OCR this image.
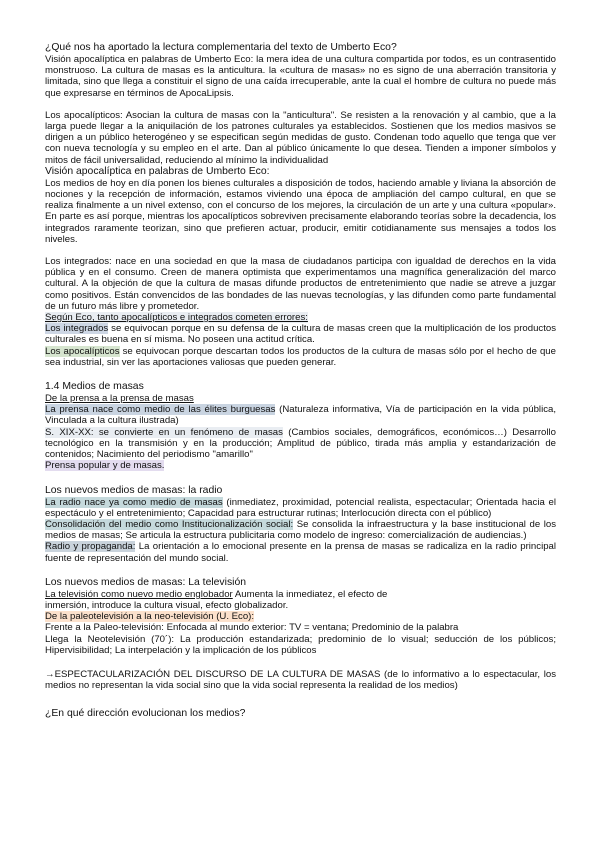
¿Qué nos ha aportado la lectura complementaria del texto de Umberto Eco?

Visión apocalíptica en palabras de Umberto Eco: la mera idea de una cultura compartida por todos, es un contrasentido monstruoso. La cultura de masas es la anticultura. la «cultura de masas» no es signo de una aberración transitoria y limitada, sino que llega a constituir el signo de una caída irrecuperable, ante la cual el hombre de cultura no puede más que expresarse en términos de ApocaLipsis.

Los apocalípticos: Asocian la cultura de masas con la "anticultura". Se resisten a la renovación y al cambio, que a la larga puede llegar a la aniquilación de los patrones culturales ya establecidos. Sostienen que los medios masivos se dirigen a un público heterogéneo y se especifican según medidas de gusto. Condenan todo aquello que tenga que ver con nueva tecnología y su empleo en el arte. Dan al público únicamente lo que desea. Tienden a imponer símbolos y mitos de fácil universalidad, reduciendo al mínimo la individualidad

Visión apocalíptica en palabras de Umberto Eco:

Los medios de hoy en día ponen los bienes culturales a disposición de todos, haciendo amable y liviana la absorción de nociones y la recepción de información, estamos viviendo una época de ampliación del campo cultural, en que se realiza finalmente a un nivel extenso, con el concurso de los mejores, la circulación de un arte y una cultura «popular». En parte es así porque, mientras los apocalípticos sobreviven precisamente elaborando teorías sobre la decadencia, los integrados raramente teorizan, sino que prefieren actuar, producir, emitir cotidianamente sus mensajes a todos los niveles.

Los integrados: nace en una sociedad en que la masa de ciudadanos participa con igualdad de derechos en la vida pública y en el consumo. Creen de manera optimista que experimentamos una magnífica generalización del marco cultural. A la objeción de que la cultura de masas difunde productos de entretenimiento que nadie se atreve a juzgar como positivos. Están convencidos de las bondades de las nuevas tecnologías, y las difunden como parte fundamental de un futuro más libre y prometedor.

Según Eco, tanto apocalípticos e integrados cometen errores:

Los integrados se equivocan porque en su defensa de la cultura de masas creen que la multiplicación de los productos culturales es buena en sí misma. No poseen una actitud crítica.

Los apocalípticos se equivocan porque descartan todos los productos de la cultura de masas sólo por el hecho de que sea industrial, sin ver las aportaciones valiosas que pueden generar.

1.4 Medios de masas

De la prensa a la prensa de masas

La prensa nace como medio de las élites burguesas (Naturaleza informativa, Vía de participación en la vida pública, Vinculada a la cultura ilustrada)

S. XIX-XX: se convierte en un fenómeno de masas (Cambios sociales, demográficos, económicos…) Desarrollo tecnológico en la transmisión y en la producción; Amplitud de público, tirada más amplia y estandarización de contenidos; Nacimiento del periodismo "amarillo"

Prensa popular y de masas.

Los nuevos medios de masas: la radio

La radio nace ya como medio de masas (inmediatez, proximidad, potencial realista, espectacular; Orientada hacia el espectáculo y el entretenimiento; Capacidad para estructurar rutinas; Interlocución directa con el público)

Consolidación del medio como Institucionalización social: Se consolida la infraestructura y la base institucional de los medios de masas; Se articula la estructura publicitaria como modelo de ingreso: comercialización de audiencias.)

Radio y propaganda: La orientación a lo emocional presente en la prensa de masas se radicaliza en la radio principal fuente de representación del mundo social.

Los nuevos medios de masas: La televisión

La televisión como nuevo medio englobador Aumenta la inmediatez, el efecto de

inmersión, introduce la cultura visual, efecto globalizador.

De la paleotelevisión a la neo-televisión (U. Eco):

Frente a la Paleo-televisión: Enfocada al mundo exterior: TV = ventana; Predominio de la palabra

Llega la Neotelevisión (70´): La producción estandarizada; predominio de lo visual; seducción de los públicos; Hipervisibilidad; La interpelación y la implicación de los públicos

→ESPECTACULARIZACIÓN DEL DISCURSO DE LA CULTURA DE MASAS (de lo informativo a lo espectacular, los medios no representan la vida social sino que la vida social representa la realidad de los medios)

¿En qué dirección evolucionan los medios?
